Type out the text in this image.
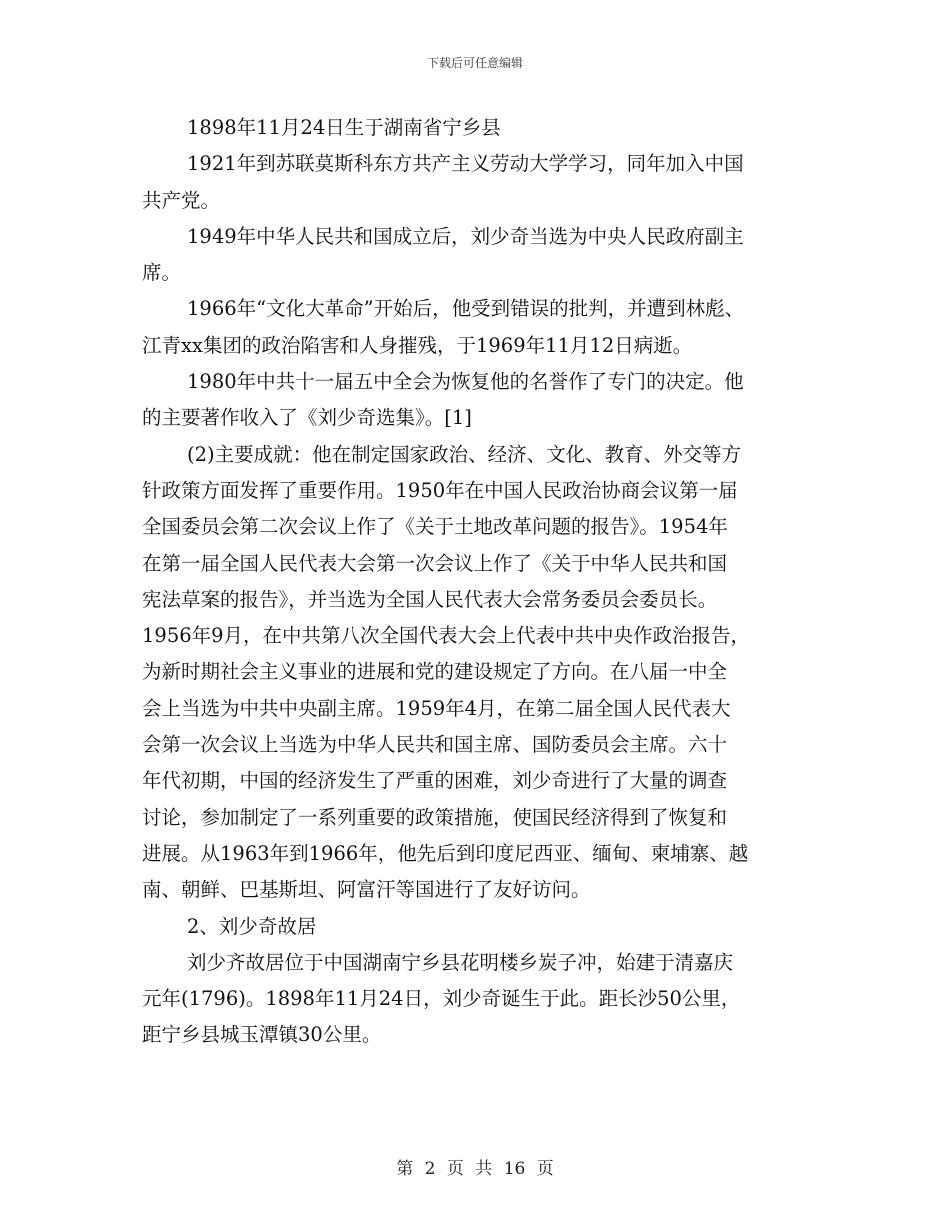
下载后可任意编辑
1898年11月24日生于湖南省宁乡县
1921年到苏联莫斯科东方共产主义劳动大学学习，同年加入中国
共产党。
1949年中华人民共和国成立后，刘少奇当选为中央人民政府副主
席。
1966年“文化大革命”开始后，他受到错误的批判，并遭到林彪、
江青xx集团的政治陷害和人身摧残，于1969年11月12日病逝。
1980年中共十一届五中全会为恢复他的名誉作了专门的决定。他
的主要著作收入了《刘少奇选集》。[1]
(2)主要成就：他在制定国家政治、经济、文化、教育、外交等方
针政策方面发挥了重要作用。1950年在中国人民政治协商会议第一届
全国委员会第二次会议上作了《关于土地改革问题的报告》。1954年
在第一届全国人民代表大会第一次会议上作了《关于中华人民共和国
宪法草案的报告》，并当选为全国人民代表大会常务委员会委员长。
1956年9月，在中共第八次全国代表大会上代表中共中央作政治报告，
为新时期社会主义事业的进展和党的建设规定了方向。在八届一中全
会上当选为中共中央副主席。1959年4月，在第二届全国人民代表大
会第一次会议上当选为中华人民共和国主席、国防委员会主席。六十
年代初期，中国的经济发生了严重的困难，刘少奇进行了大量的调查
讨论，参加制定了一系列重要的政策措施，使国民经济得到了恢复和
进展。从1963年到1966年，他先后到印度尼西亚、缅甸、柬埔寨、越
南、朝鲜、巴基斯坦、阿富汗等国进行了友好访问。
2、刘少奇故居
刘少齐故居位于中国湖南宁乡县花明楼乡炭子冲，始建于清嘉庆
元年(1796)。1898年11月24日，刘少奇诞生于此。距长沙50公里，
距宁乡县城玉潭镇30公里。
第 2 页 共 16 页
